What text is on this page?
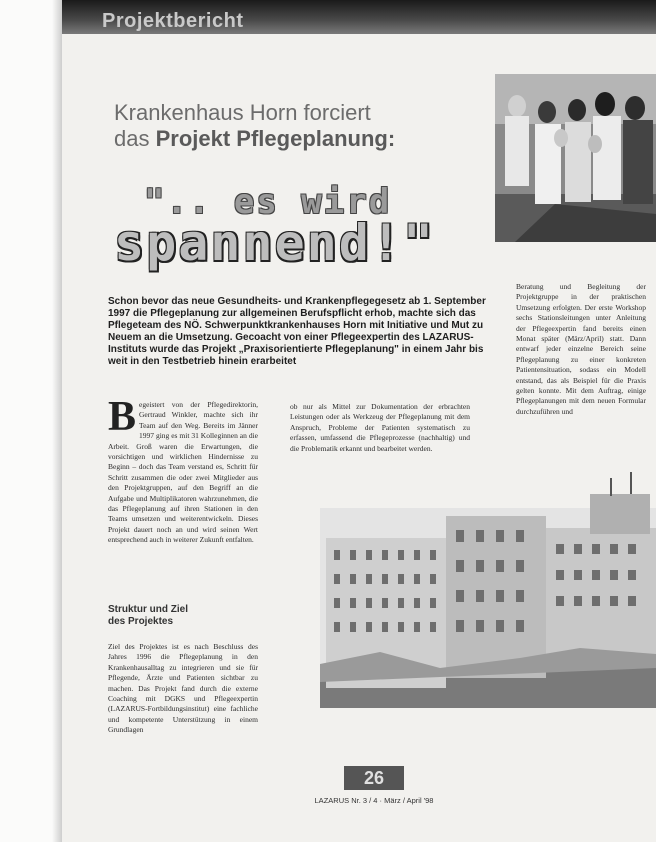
Projektbericht
Krankenhaus Horn forciert
das Projekt Pflegeplanung:
".. es wird
spannend!"
Schon bevor das neue Gesundheits- und Krankenpflegegesetz ab 1. September 1997 die Pflegeplanung zur allgemeinen Berufspflicht erhob, machte sich das Pflegeteam des NÖ. Schwerpunktkrankenhauses Horn mit Initiative und Mut zu Neuem an die Umsetzung. Gecoacht von einer Pflegeexpertin des LAZARUS-Instituts wurde das Projekt „Praxisorientierte Pflegeplanung" in einem Jahr bis weit in den Testbetrieb hinein erarbeitet
B egeistert von der Pflegedirektorin, Gertraud Winkler, machte sich ihr Team auf den Weg. Bereits im Jänner 1997 ging es mit 31 Kolleginnen an die Arbeit. Groß waren die Erwartungen, die vorsichtigen und wirklichen Hindernisse zu Beginn – doch das Team verstand es, Schritt für Schritt zusammen die oder zwei Mitglieder aus den Projektgruppen, auf den Begriff an die Aufgabe und Multiplikatoren wahrzunehmen, die das Pflegeplanung auf ihren Stationen in den Teams umsetzen und weiterentwickeln. Dieses Projekt dauert noch an und wird seinen Wert entsprechend auch in weiterer Zukunft entfalten.
ob nur als Mittel zur Dokumentation der erbrachten Leistungen oder als Werkzeug der Pflegeplanung mit dem Anspruch, Probleme der Patienten systematisch zu erfassen, umfassend die Pflegeprozesse (nachhaltig) und die Problematik erkannt und bearbeitet werden.
Beratung und Begleitung der Projektgruppe in der praktischen Umsetzung erfolgten. Der erste Workshop sechs Stationsleitungen unter Anleitung der Pflegeexpertin fand bereits einen Monat später (März/April) statt. Dann entwarf jeder einzelne Bereich seine Pflegeplanung zu einer konkreten Patientensituation, sodass ein Modell entstand, das als Beispiel für die Praxis gelten konnte. Mit dem Auftrag, einige Pflegeplanungen mit dem neuen Formular durchzuführen und
Struktur und Ziel
des Projektes
Ziel des Projektes ist es nach Beschluss des Jahres 1996 die Pflegeplanung in den Krankenhausalltag zu integrieren und sie für Pflegende, Ärzte und Patienten sichtbar zu machen. Das Projekt fand durch die externe Coaching mit DGKS und Pflegeexpertin (LAZARUS-Fortbildungsinstitut) eine fachliche und kompetente Unterstützung in einem Grundlagen
26
LAZARUS Nr. 3 / 4 · März / April '98
